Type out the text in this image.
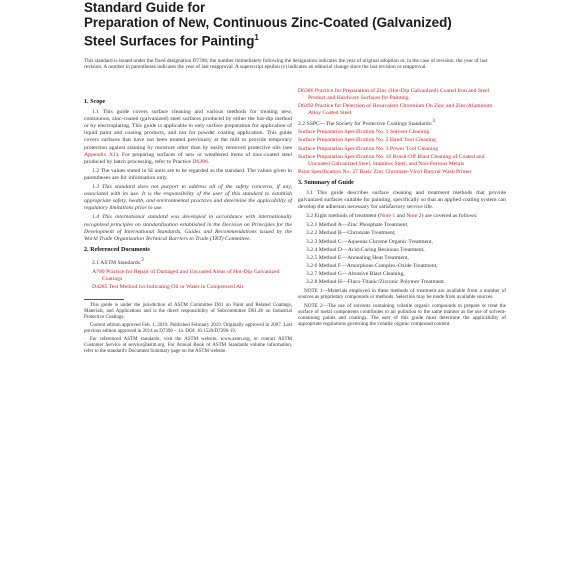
Standard Guide for
Preparation of New, Continuous Zinc-Coated (Galvanized)
Steel Surfaces for Painting$^1$
This standard is issued under the fixed designation D7396; the number immediately following the designation indicates the year of original adoption or, in the case of revision, the year of last revision. A number in parentheses indicates the year of last reapproval. A superscript epsilon (ε) indicates an editorial change since the last revision or reapproval.
1. Scope

1.1 This guide covers surface cleaning and various methods for treating new, continuous, zinc-coated (galvanized) steel surfaces produced by either the hot-dip method or by electroplating. This guide is applicable to only surface preparation for application of liquid paint and coating products, and not for powder coating application. This guide covers surfaces that have not been treated previously at the mill to provide temporary protection against staining by moisture other than by easily removed protective oils (see Appendix X1). For preparing surfaces of new or weathered items of zinc-coated steel produced by batch processing, refer to Practice D6386.

1.2 The values stated in SI units are to be regarded as the standard. The values given in parentheses are for information only.

1.3 This standard does not purport to address all of the safety concerns, if any, associated with its use. It is the responsibility of the user of this standard to establish appropriate safety, health, and environmental practices and determine the applicability of regulatory limitations prior to use.

1.4 This international standard was developed in accordance with internationally recognized principles on standardization established in the Decision on Principles for the Development of International Standards, Guides and Recommendations issued by the World Trade Organization Technical Barriers to Trade (TBT) Committee.

2. Referenced Documents

2.1 ASTM Standards:$^2$

A780 Practice for Repair of Damaged and Uncoated Areas of Hot-Dip Galvanized Coatings
D4285 Test Method for Indicating Oil or Water in Compressed Air

This guide is under the jurisdiction of ASTM Committee D01 on Paint and Related Coatings, Materials, and Applications and is the direct responsibility of Subcommittee D01.46 on Industrial Protective Coatings.

Current edition approved Feb. 1, 2019. Published February 2019. Originally approved in 2007. Last previous edition approved in 2014 as D7396 – 14. DOI: 10.1520/D7396-19.

For referenced ASTM standards, visit the ASTM website, www.astm.org, or contact ASTM Customer Service at service@astm.org. For Annual Book of ASTM Standards volume information, refer to the standard's Document Summary page on the ASTM website.

D6386 Practice for Preparation of Zinc (Hot-Dip Galvanized) Coated Iron and Steel Product and Hardware Surfaces for Painting
D6492 Practice for Detection of Hexavalent Chromium On Zinc and Zinc/Aluminum Alloy Coated Steel
2.2 SSPC—The Society for Protective Coatings Standards:$^3$
Surface Preparation Specification No. 1 Solvent Cleaning
Surface Preparation Specification No. 2 Hand Tool Cleaning
Surface Preparation Specification No. 3 Power Tool Cleaning
Surface Preparation Specification No. 16 Brush-Off Blast Cleaning of Coated and Uncoated Galvanized Steel, Stainless Steel, and Non-Ferrous Metals
Paint Specification No. 27 Basic Zinc Chromate-Vinyl Butyral Wash Primer
3. Summary of Guide

3.1 This guide describes surface cleaning and treatment methods that provide galvanized surfaces suitable for painting, specifically so that an applied coating system can develop the adhesion necessary for satisfactory service life.

3.2 Eight methods of treatment (Note 1 and Note 2) are covered as follows:

3.2.1 Method A—Zinc Phosphate Treatment,
3.2.2 Method B—Chromate Treatment,
3.2.3 Method C—Aqueous Chrome Organic Treatment,
3.2.4 Method D—Acid-Curing Resinous Treatment,
3.2.5 Method E—Annealing Heat Treatment,
3.2.6 Method F—Amorphous Complex-Oxide Treatment,
3.2.7 Method G—Abrasive Blast Cleaning,
3.2.8 Method H—Fluro-Titanic/Zirconic Polymer Treatment.

NOTE 1—Materials employed in these methods of treatment are available from a number of sources as proprietary compounds or methods. Selection may be made from available sources.

NOTE 2—The use of solvents containing volatile organic compounds to prepare or treat the surface of metal components contributes to air pollution to the same manner as the use of solvent-containing paints and coatings. The user of this guide must determine the applicability of appropriate regulations governing the volatile organic compound content.
